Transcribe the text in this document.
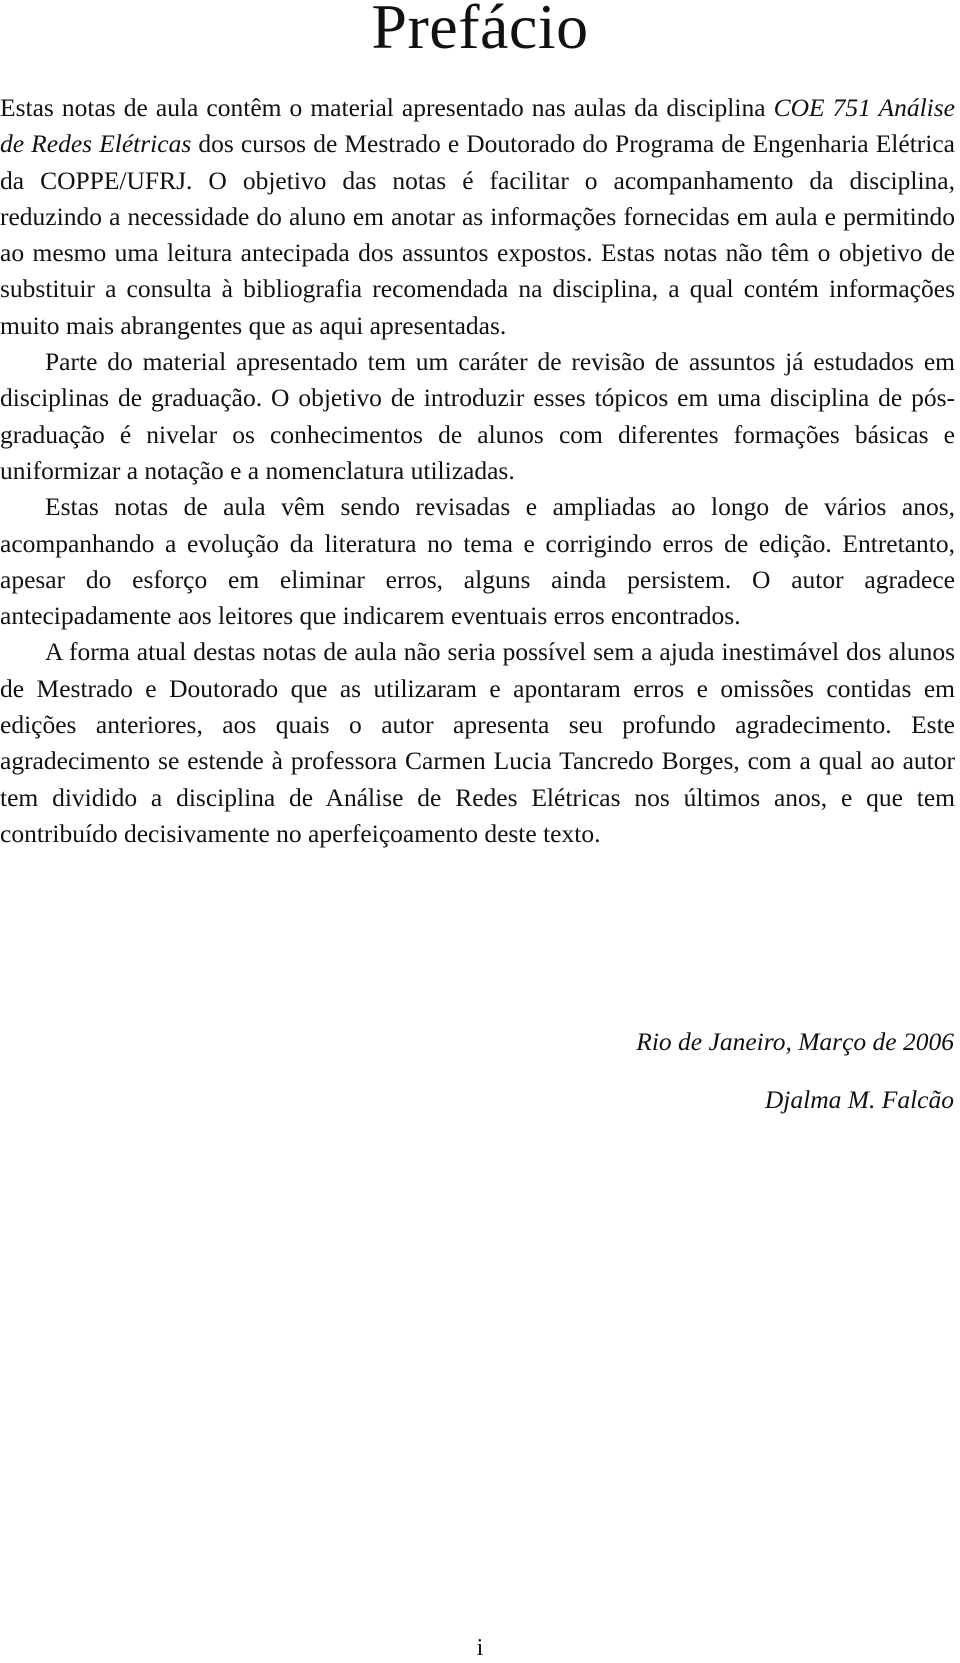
Prefácio

Estas notas de aula contêm o material apresentado nas aulas da disciplina COE 751 Análise de Redes Elétricas dos cursos de Mestrado e Doutorado do Programa de Engenharia Elétrica da COPPE/UFRJ. O objetivo das notas é facilitar o acompanhamento da disciplina, reduzindo a necessidade do aluno em anotar as informações fornecidas em aula e permitindo ao mesmo uma leitura antecipada dos assuntos expostos. Estas notas não têm o objetivo de substituir a consulta à bibliografia recomendada na disciplina, a qual contém informações muito mais abrangentes que as aqui apresentadas.

Parte do material apresentado tem um caráter de revisão de assuntos já estudados em disciplinas de graduação. O objetivo de introduzir esses tópicos em uma disciplina de pós-graduação é nivelar os conhecimentos de alunos com diferentes formações básicas e uniformizar a notação e a nomenclatura utilizadas.

Estas notas de aula vêm sendo revisadas e ampliadas ao longo de vários anos, acompanhando a evolução da literatura no tema e corrigindo erros de edição. Entretanto, apesar do esforço em eliminar erros, alguns ainda persistem. O autor agradece antecipadamente aos leitores que indicarem eventuais erros encontrados.

A forma atual destas notas de aula não seria possível sem a ajuda inestimável dos alunos de Mestrado e Doutorado que as utilizaram e apontaram erros e omissões contidas em edições anteriores, aos quais o autor apresenta seu profundo agradecimento. Este agradecimento se estende à professora Carmen Lucia Tancredo Borges, com a qual ao autor tem dividido a disciplina de Análise de Redes Elétricas nos últimos anos, e que tem contribuído decisivamente no aperfeiçoamento deste texto.

Rio de Janeiro, Março de 2006
Djalma M. Falcão
i
